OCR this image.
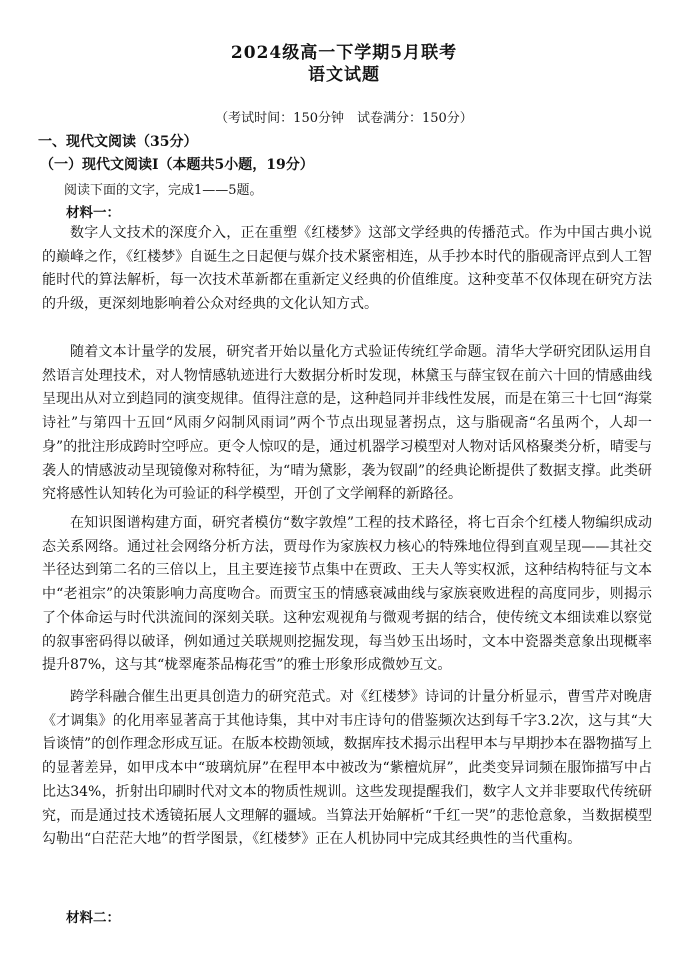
2024级高一下学期5月联考
语文试题
（考试时间：150分钟　试卷满分：150分）
一、现代文阅读（35分）
（一）现代文阅读Ⅰ（本题共5小题，19分）
阅读下面的文字，完成1——5题。
材料一：

数字人文技术的深度介入，正在重塑《红楼梦》这部文学经典的传播范式。作为中国古典小说的巅峰之作，《红楼梦》自诞生之日起便与媒介技术紧密相连，从手抄本时代的脂砚斋评点到人工智能时代的算法解析，每一次技术革新都在重新定义经典的价值维度。这种变革不仅体现在研究方法的升级，更深刻地影响着公众对经典的文化认知方式。

随着文本计量学的发展，研究者开始以量化方式验证传统红学命题。清华大学研究团队运用自然语言处理技术，对人物情感轨迹进行大数据分析时发现，林黛玉与薛宝钗在前六十回的情感曲线呈现出从对立到趋同的演变规律。值得注意的是，这种趋同并非线性发展，而是在第三十七回“海棠诗社”与第四十五回“风雨夕闷制风雨词”两个节点出现显著拐点，这与脂砚斋“名虽两个，人却一身”的批注形成跨时空呼应。更令人惊叹的是，通过机器学习模型对人物对话风格聚类分析，晴雯与袭人的情感波动呈现镜像对称特征，为“晴为黛影，袭为钗副”的经典论断提供了数据支撑。此类研究将感性认知转化为可验证的科学模型，开创了文学阐释的新路径。

在知识图谱构建方面，研究者模仿“数字敦煌”工程的技术路径，将七百余个红楼人物编织成动态关系网络。通过社会网络分析方法，贾母作为家族权力核心的特殊地位得到直观呈现——其社交半径达到第二名的三倍以上，且主要连接节点集中在贾政、王夫人等实权派，这种结构特征与文本中“老祖宗”的决策影响力高度吻合。而贾宝玉的情感衰减曲线与家族衰败进程的高度同步，则揭示了个体命运与时代洪流间的深刻关联。这种宏观视角与微观考据的结合，使传统文本细读难以察觉的叙事密码得以破译，例如通过关联规则挖掘发现，每当妙玉出场时，文本中瓷器类意象出现概率提升87%，这与其“栊翠庵茶品梅花雪”的雅士形象形成微妙互文。

跨学科融合催生出更具创造力的研究范式。对《红楼梦》诗词的计量分析显示，曹雪芹对晚唐《才调集》的化用率显著高于其他诗集，其中对韦庄诗句的借鉴频次达到每千字3.2次，这与其“大旨谈情”的创作理念形成互证。在版本校勘领域，数据库技术揭示出程甲本与早期抄本在器物描写上的显著差异，如甲戌本中“玻璃炕屏”在程甲本中被改为“紫檀炕屏”，此类变异词频在服饰描写中占比达34%，折射出印刷时代对文本的物质性规训。这些发现提醒我们，数字人文并非要取代传统研究，而是通过技术透镜拓展人文理解的疆域。当算法开始解析“千红一哭”的悲怆意象，当数据模型勾勒出“白茫茫大地”的哲学图景，《红楼梦》正在人机协同中完成其经典性的当代重构。

材料二：
